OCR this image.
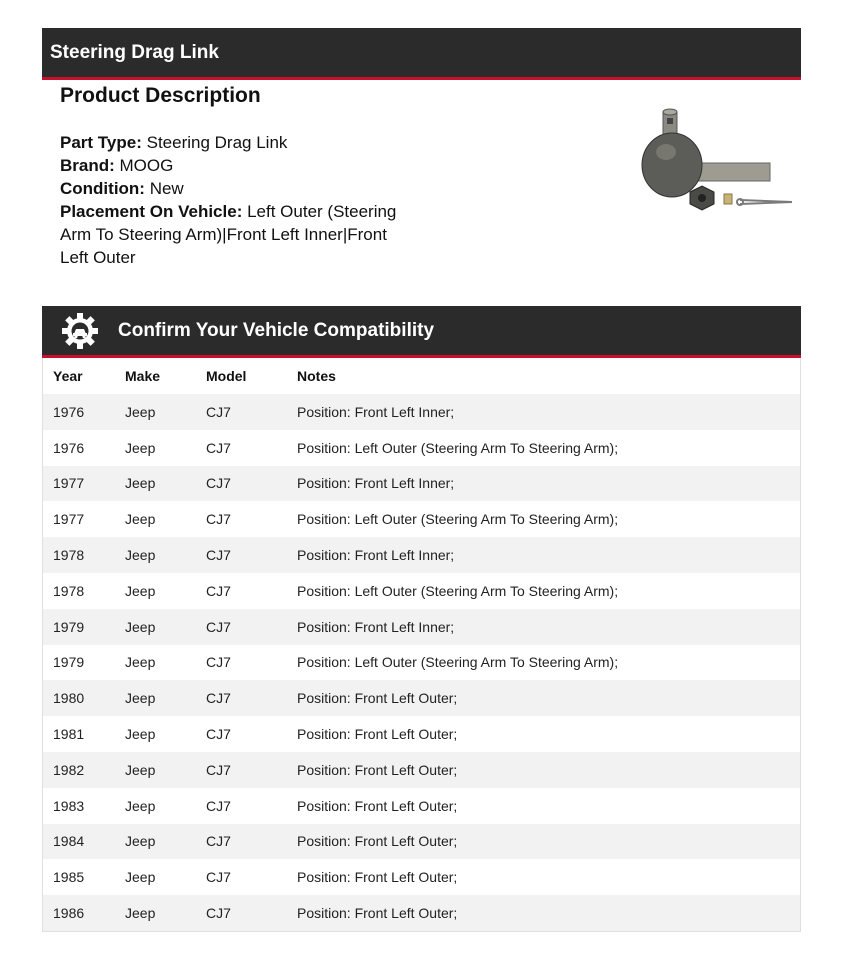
Steering Drag Link
Product Description

Part Type: Steering Drag Link

Brand: MOOG

Condition: New

Placement On Vehicle: Left Outer (Steering Arm To Steering Arm)|Front Left Inner|Front Left Outer

Confirm Your Vehicle Compatibility
Year	Make	Model	Notes
1976	Jeep	CJ7	Position: Front Left Inner;
1976	Jeep	CJ7	Position: Left Outer (Steering Arm To Steering Arm);
1977	Jeep	CJ7	Position: Front Left Inner;
1977	Jeep	CJ7	Position: Left Outer (Steering Arm To Steering Arm);
1978	Jeep	CJ7	Position: Front Left Inner;
1978	Jeep	CJ7	Position: Left Outer (Steering Arm To Steering Arm);
1979	Jeep	CJ7	Position: Front Left Inner;
1979	Jeep	CJ7	Position: Left Outer (Steering Arm To Steering Arm);
1980	Jeep	CJ7	Position: Front Left Outer;
1981	Jeep	CJ7	Position: Front Left Outer;
1982	Jeep	CJ7	Position: Front Left Outer;
1983	Jeep	CJ7	Position: Front Left Outer;
1984	Jeep	CJ7	Position: Front Left Outer;
1985	Jeep	CJ7	Position: Front Left Outer;
1986	Jeep	CJ7	Position: Front Left Outer;
